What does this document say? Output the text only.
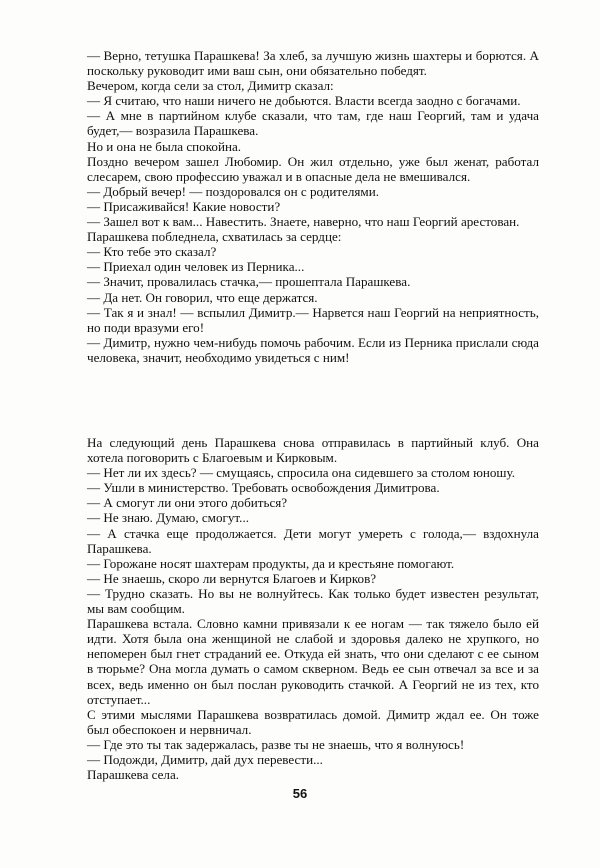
— Верно, тетушка Парашкева! За хлеб, за лучшую жизнь шахтеры и борются. А поскольку руководит ими ваш сын, они обязательно победят.

Вечером, когда сели за стол, Димитр сказал:

— Я считаю, что наши ничего не добьются. Власти всегда заодно с богачами.

— А мне в партийном клубе сказали, что там, где наш Георгий, там и удача будет,— возразила Парашкева.

Но и она не была спокойна.

Поздно вечером зашел Любомир. Он жил отдельно, уже был женат, работал слесарем, свою профессию уважал и в опасные дела не вмешивался.

— Добрый вечер! — поздоровался он с родителями.

— Присаживайся! Какие новости?

— Зашел вот к вам... Навестить. Знаете, наверно, что наш Георгий арестован.

Парашкева побледнела, схватилась за сердце:

— Кто тебе это сказал?

— Приехал один человек из Перника...

— Значит, провалилась стачка,— прошептала Парашкева.

— Да нет. Он говорил, что еще держатся.

— Так я и знал! — вспылил Димитр.— Нарвется наш Георгий на неприятность, но поди вразуми его!

— Димитр, нужно чем-нибудь помочь рабочим. Если из Перника прислали сюда человека, значит, необходимо увидеться с ним!

На следующий день Парашкева снова отправилась в партийный клуб. Она хотела поговорить с Благоевым и Кирковым.

— Нет ли их здесь? — смущаясь, спросила она сидевшего за столом юношу.

— Ушли в министерство. Требовать освобождения Димитрова.

— А смогут ли они этого добиться?

— Не знаю. Думаю, смогут...

— А стачка еще продолжается. Дети могут умереть с голода,— вздохнула Парашкева.

— Горожане носят шахтерам продукты, да и крестьяне помогают.

— Не знаешь, скоро ли вернутся Благоев и Кирков?

— Трудно сказать. Но вы не волнуйтесь. Как только будет известен результат, мы вам сообщим.

Парашкева встала. Словно камни привязали к ее ногам — так тяжело было ей идти. Хотя была она женщиной не слабой и здоровья далеко не хрупкого, но непомерен был гнет страданий ее. Откуда ей знать, что они сделают с ее сыном в тюрьме? Она могла думать о самом скверном. Ведь ее сын отвечал за все и за всех, ведь именно он был послан руководить стачкой. А Георгий не из тех, кто отступает...

С этими мыслями Парашкева возвратилась домой. Димитр ждал ее. Он тоже был обеспокоен и нервничал.

— Где это ты так задержалась, разве ты не знаешь, что я волнуюсь!

— Подожди, Димитр, дай дух перевести...

Парашкева села.

56
